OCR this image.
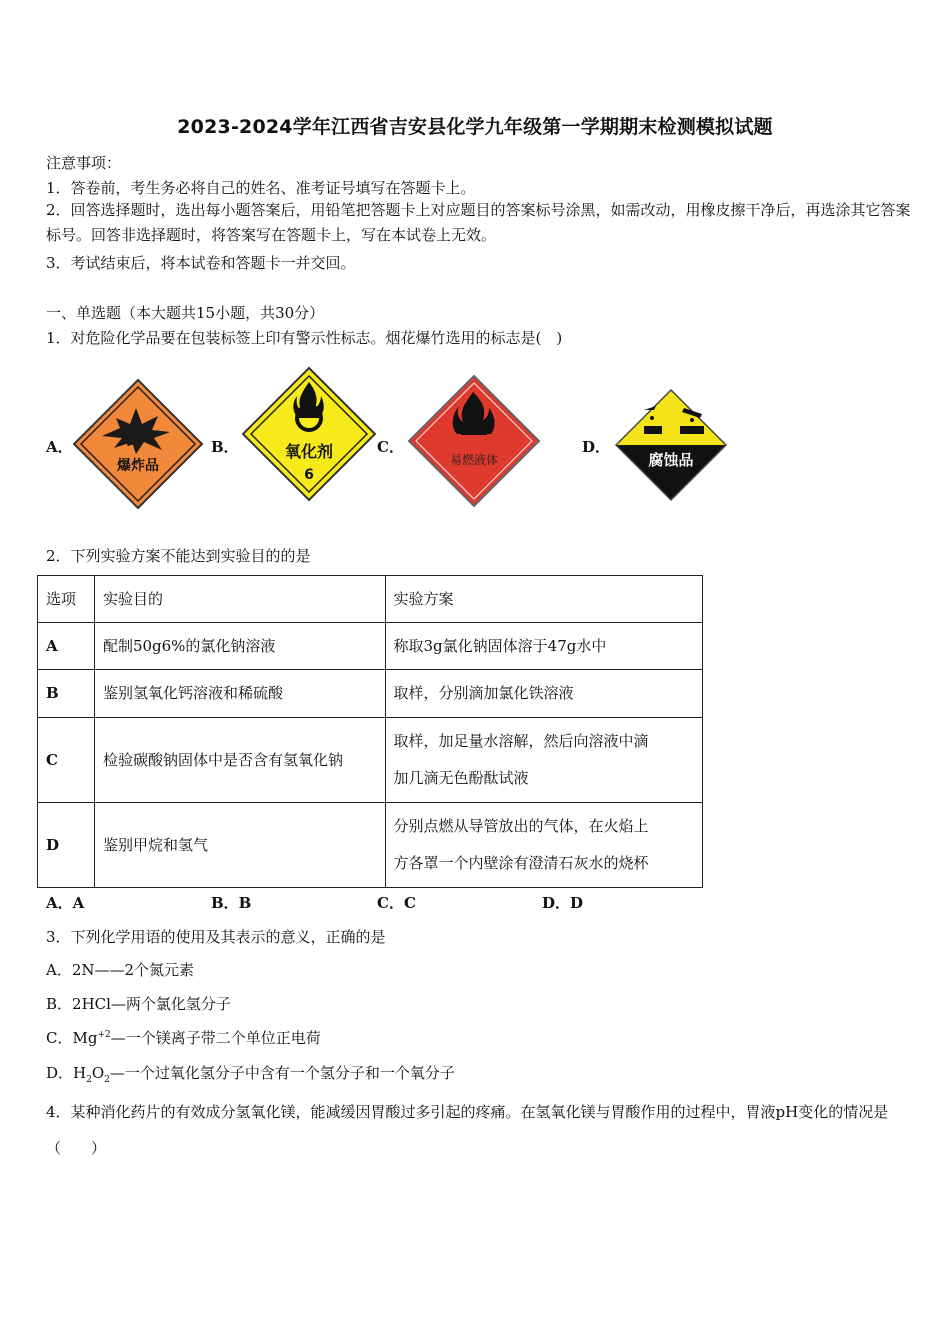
2023-2024学年江西省吉安县化学九年级第一学期期末检测模拟试题
注意事项：
1．答卷前，考生务必将自己的姓名、准考证号填写在答题卡上。
2．回答选择题时，选出每小题答案后，用铅笔把答题卡上对应题目的答案标号涂黑，如需改动，用橡皮擦干净后，再选涂其它答案标号。回答非选择题时，将答案写在答题卡上，写在本试卷上无效。
3．考试结束后，将本试卷和答题卡一并交回。
一、单选题（本大题共15小题，共30分）
1．对危险化学品要在包装标签上印有警示性标志。烟花爆竹选用的标志是(　)
A．
爆炸品
B．	氧化剂
6
C．
易燃液体
D．
腐蚀品
2．下列实验方案不能达到实验目的的是
选项	实验目的	实验方案
A	配制50g6%的氯化钠溶液	称取3g氯化钠固体溶于47g水中
B	鉴别氢氧化钙溶液和稀硫酸	取样，分别滴加氯化铁溶液
C	检验碳酸钠固体中是否含有氢氧化钠	取样，加足量水溶解，然后向溶液中滴
加几滴无色酚酞试液

D	鉴别甲烷和氢气	分别点燃从导管放出的气体，在火焰上
方各罩一个内壁涂有澄清石灰水的烧杯
A．A	B．B	C．C	D．D
3．下列化学用语的使用及其表示的意义，正确的是
A．2N——2个氮元素
B．2HCl—两个氯化氢分子
C．$Mg^{+2}—$一个镁离子带二个单位正电荷
D．$H_2O_2—$一个过氧化氢分子中含有一个氢分子和一个氧分子
4．某种消化药片的有效成分氢氧化镁，能减缓因胃酸过多引起的疼痛。在氢氧化镁与胃酸作用的过程中，胃液pH变化的情况是（　　）
